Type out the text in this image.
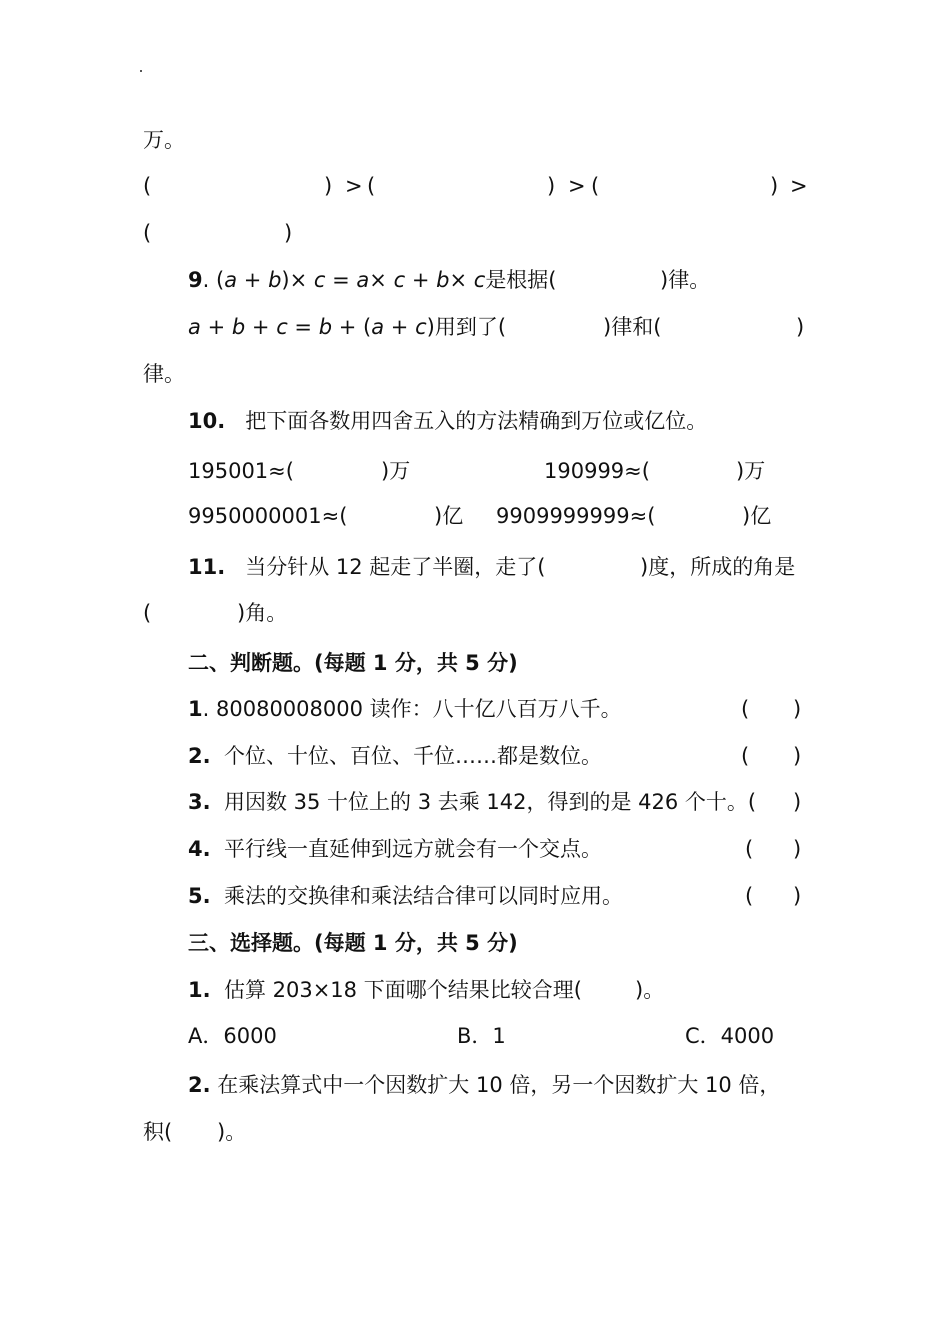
万。
(	) > (	) > (	) >
(	)
9. (a + b)× c = a× c + b× c是根据(	)律。
a + b + c = b + (a + c)用到了(	)律和(	)
律。
10. 把下面各数用四舍五入的方法精确到万位或亿位。
195001≈(	)万	190999≈(	)万
9950000001≈(	)亿 9909999999≈(	)亿
11. 当分针从 12 起走了半圈，走了(	)度，所成的角是
(	)角。
二、判断题。(每题 1 分，共 5 分)
1. 80080008000 读作：八十亿八百万八千。	( )
2. 个位、十位、百位、千位……都是数位。	( )
3. 用因数 35 十位上的 3 去乘 142，得到的是 426 个十。( )
4. 平行线一直延伸到远方就会有一个交点。	( )
5. 乘法的交换律和乘法结合律可以同时应用。	( )
三、选择题。(每题 1 分，共 5 分)
1. 估算 203×18 下面哪个结果比较合理(	)。
A．6000	B．1	C．4000
2. 在乘法算式中一个因数扩大 10 倍，另一个因数扩大 10 倍，
积( )。
